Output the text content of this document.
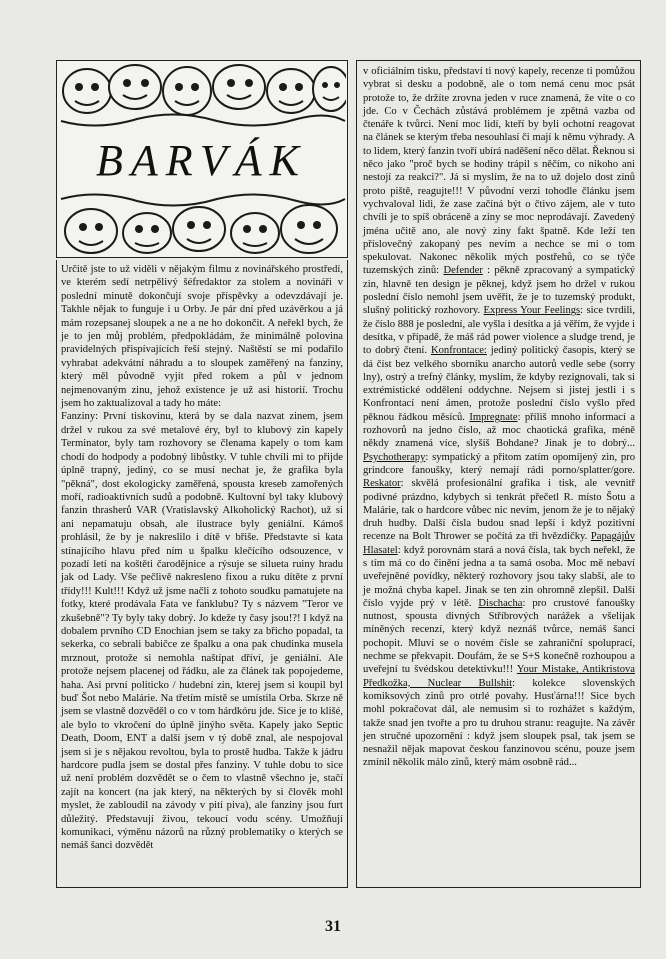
BARVÁK

Určitě jste to už viděli v nějakým filmu z novinářského prostředí, ve kterém sedí netrpělivý šéfredaktor za stolem a novináři v poslední minutě dokončují svoje příspěvky a odevzdávají je. Takhle nějak to funguje i u Orby. Je pár dní před uzávěrkou a já mám rozepsanej sloupek a ne a ne ho dokončit. A neřekl bych, že je to jen můj problém, předpokládám, že minimálně polovina pravidelných přispívajících řeší stejný. Naštěstí se mi podařilo vyhrabat adekvátní náhradu a to sloupek zaměřený na fanziny, který měl původně vyjít před rokem a půl v jednom nejmenovaným zinu, jehož existence je už asi historií. Trochu jsem ho zaktualizoval a tady ho máte:

Fanziny: První tiskovinu, která by se dala nazvat zinem, jsem držel v rukou za své metalové éry, byl to klubový zin kapely Terminator, byly tam rozhovory se členama kapely o tom kam chodí do hodpody a podobný libůstky. V tuhle chvíli mi to přijde úplně trapný, jediný, co se musí nechat je, že grafika byla "pěkná", dost ekologicky zaměřená, spousta kreseb zamořených moří, radioaktivních sudů a podobně. Kultovní byl taky klubový fanzin thrasherů VAR (Vratislavský Alkoholický Rachot), už si ani nepamatuju obsah, ale ilustrace byly geniální. Kámoš prohlásil, že by je nakreslilo i dítě v břiše. Představte si kata stínajícího hlavu před ním u špalku klečícího odsouzence, v pozadí letí na koštěti čarodějnice a rýsuje se silueta ruiny hradu jak od Lady. Vše pečlivě nakresleno fixou a ruku dítěte z první třídy!!! Kult!!! Když už jsme načli z tohoto soudku pamatujete na fotky, které prodávala Fata ve fanklubu? Ty s názvem "Teror ve zkušebně"? Ty byly taky dobrý. Jo kdeže ty časy jsou!?! I když na dobalem prvního CD Enochian jsem se taky za břicho popadal, ta sekerka, co sebrali babičce ze špalku a ona pak chudinka musela mrznout, protože si nemohla naštípat dříví, je geniální. Ale protože nejsem placenej od řádku, ale za článek tak popojedeme, haha. Asi první politicko / hudební zin, kterej jsem si koupil byl buď Šot nebo Malárie. Na třetím místě se umístila Orba. Skrze ně jsem se vlastně dozvěděl o co v tom hárdkóru jde. Sice je to klišé, ale bylo to vkročení do úplně jinýho světa. Kapely jako Septic Death, Doom, ENT a další jsem v tý době znal, ale nespojoval jsem si je s nějakou revoltou, byla to prostě hudba. Takže k jádru hardcore pudla jsem se dostal přes fanziny. V tuhle dobu to sice už není problém dozvědět se o čem to vlastně všechno je, stačí zajít na koncert (na jak který, na některých by si člověk mohl myslet, že zabloudil na závody v pití piva), ale fanziny jsou furt důležitý. Představují živou, tekoucí vodu scény. Umožňují komunikaci, výměnu názorů na různý problematiky o kterých se nemáš šanci dozvědět

v oficiálním tisku, představí ti nový kapely, recenze ti pomůžou vybrat si desku a podobně, ale o tom nemá cenu moc psát protože to, že držíte zrovna jeden v ruce znamená, že víte o co jde. Co v Čechách zůstává problémem je zpětná vazba od čtenáře k tvůrci. Není moc lidí, kteří by byli ochotní reagovat na článek se kterým třeba nesouhlasí či mají k němu výhrady. A to lidem, který fanzin tvoří ubírá naděšení něco dělat. Řeknou si něco jako "proč bych se hodiny trápil s něčím, co nikoho ani nestojí za reakci?". Já si myslím, že na to už dojelo dost zinů proto piště, reagujte!!! V původní verzi tohodle článku jsem vychvaloval lidi, že zase začíná být o čtivo zájem, ale v tuto chvíli je to spíš obráceně a ziny se moc neprodávají. Zavedený jména učitě ano, ale nový ziny fakt špatně. Kde leží ten příslovečný zakopaný pes nevím a nechce se mi o tom spekulovat. Nakonec několik mých postřehů, co se týče tuzemských zinů: Defender : pěkně zpracovaný a sympatický zin, hlavně ten design je pěknej, když jsem ho držel v rukou poslední číslo nemohl jsem uvěřit, že je to tuzemský produkt, slušný politický rozhovory. Express Your Feelings: sice tvrdili, že číslo 888 je poslední, ale vyšla i desítka a já věřím, že vyjde i desítka, v případě, že máš rád power violence a sludge trend, je to dobrý čtení. Konfrontace: jediný politický časopis, který se dá číst bez velkého sborníku anarcho autorů vedle sebe (sorry lny), ostrý a trefný články, myslím, že kdyby rezignovali, tak si extrémistické oddělení oddychne. Nejsem si jistej jestli i s Konfrontací není ámen, protože poslední číslo vyšlo před pěknou řádkou měsíců. Impregnate: příliš mnoho informací a rozhovorů na jedno číslo, až moc chaotická grafika, méně někdy znamená více, slyšíš Bohdane? Jinak je to dobrý... Psychotherapy: sympatický a přitom zatím opomíjený zin, pro grindcore fanoušky, který nemají rádi porno/splatter/gore. Reskator: skvělá profesionální grafika i tisk, ale vevnitř podivné prázdno, kdybych si tenkrát přečetl R. místo Šotu a Malárie, tak o hardcore vůbec nic nevím, jenom že je to nějaký druh hudby. Další čísla budou snad lepší i když pozitivní recenze na Bolt Thrower se počítá za tři hvězdičky. Papagájův Hlasatel: když porovnám stará a nová čísla, tak bych neřekl, že s tím má co do činění jedna a ta samá osoba. Moc mě nebaví uveřejněné povídky, některý rozhovory jsou taky slabší, ale to je možná chyba kapel. Jinak se ten zin ohromně zlepšil. Další číslo vyjde prý v létě. Dischacha: pro crustové fanoušky nutnost, spousta divných Stříbrových narážek a všelijak míněných recenzí, který když neznáš tvůrce, nemáš šanci pochopit. Mluví se o novém čísle se zahraniční spoluprací, nechme se překvapit. Doufám, že se S+S konečně rozhoupou a uveřejní tu švédskou detektivku!!! Your Mistake, Antikristova Předkožka, Nuclear Bullshit: kolekce slovenských komiksových zinů pro otrlé povahy. Husťárna!!! Sice bych mohl pokračovat dál, ale nemusim si to rozhážet s každým, takže snad jen tvořte a pro tu druhou stranu: reagujte. Na závěr jen stručné upozornění : když jsem sloupek psal, tak jsem se nesnažil nějak mapovat českou fanzinovou scénu, pouze jsem zmínil několik málo zinů, který mám osobně rád...

31
